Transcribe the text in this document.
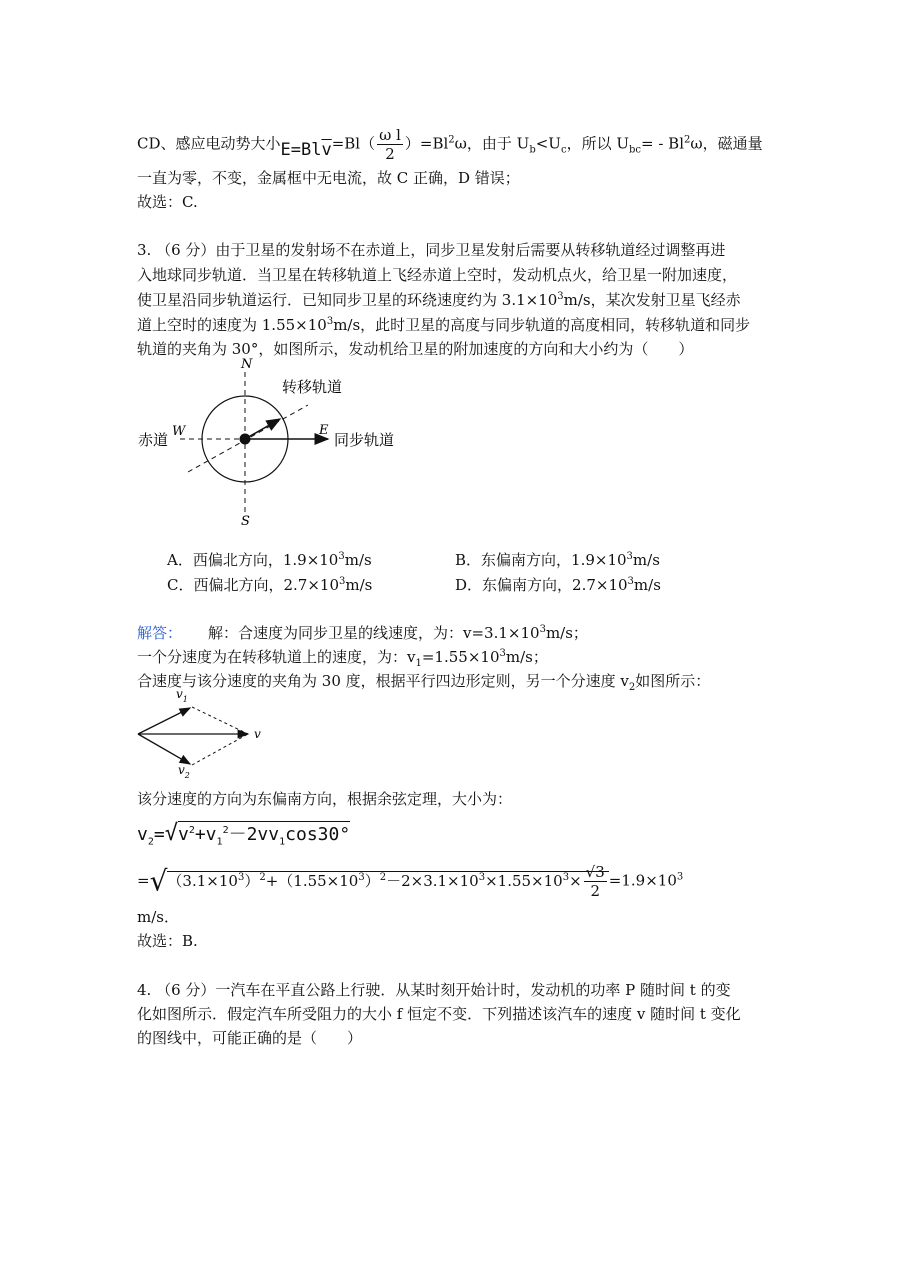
CD、感应电动势大小$E=Bl\overline{v}=Bl( \frac{\text{ω l}}{2} )=Bl^2\omega$，由于 $U_b<U_c$，所以 $U_{bc}= - Bl^2\omega$，磁通量
一直为零，不变，金属框中无电流，故 C 正确，D 错误；
故选：C.
3. （6 分）由于卫星的发射场不在赤道上，同步卫星发射后需要从转移轨道经过调整再进
入地球同步轨道．当卫星在转移轨道上飞经赤道上空时，发动机点火，给卫星一附加速度，
使卫星沿同步轨道运行．已知同步卫星的环绕速度约为 $3.1\times 10^3m/s$，某次发射卫星飞经赤
道上空时的速度为 $1.55\times 10^3m/s$，此时卫星的高度与同步轨道的高度相同，转移轨道和同步
轨道的夹角为 30°，如图所示，发动机给卫星的附加速度的方向和大小约为（　　）
N
S
W	E
赤道
转移轨道
同步轨道
A．西偏北方向，$1.9\times 10^3m/s$	B．东偏南方向，$1.9\times 10^3m/s$
C．西偏北方向，$2.7\times 10^3m/s$	D．东偏南方向，$2.7\times 10^3m/s$
解答： 解：合速度为同步卫星的线速度，为：$v=3.1\times 10^3m/s$；
一个分速度为在转移轨道上的速度，为：$v_1=1.55\times 10^3m/s$；
合速度与该分速度的夹角为 30 度，根据平行四边形定则，另一个分速度 $v_2$如图所示：
$v_1$
v
$v_2$
该分速度的方向为东偏南方向，根据余弦定理，大小为：
$v_2=√v^2+v_1^2-2vv_1\cos 30^\circ$
$=√(3.1\times 10^3)^2+(1.55\times 10^3)^2-2\times 3.1\times 10^3\times 1.55\times 10^3\times \frac{√3}{2} =1.9\times 10^3$
m/s．
故选：B.
4. （6 分）一汽车在平直公路上行驶．从某时刻开始计时，发动机的功率 P 随时间 t 的变
化如图所示．假定汽车所受阻力的大小 f 恒定不变．下列描述该汽车的速度 v 随时间 t 变化
的图线中，可能正确的是（　　）
